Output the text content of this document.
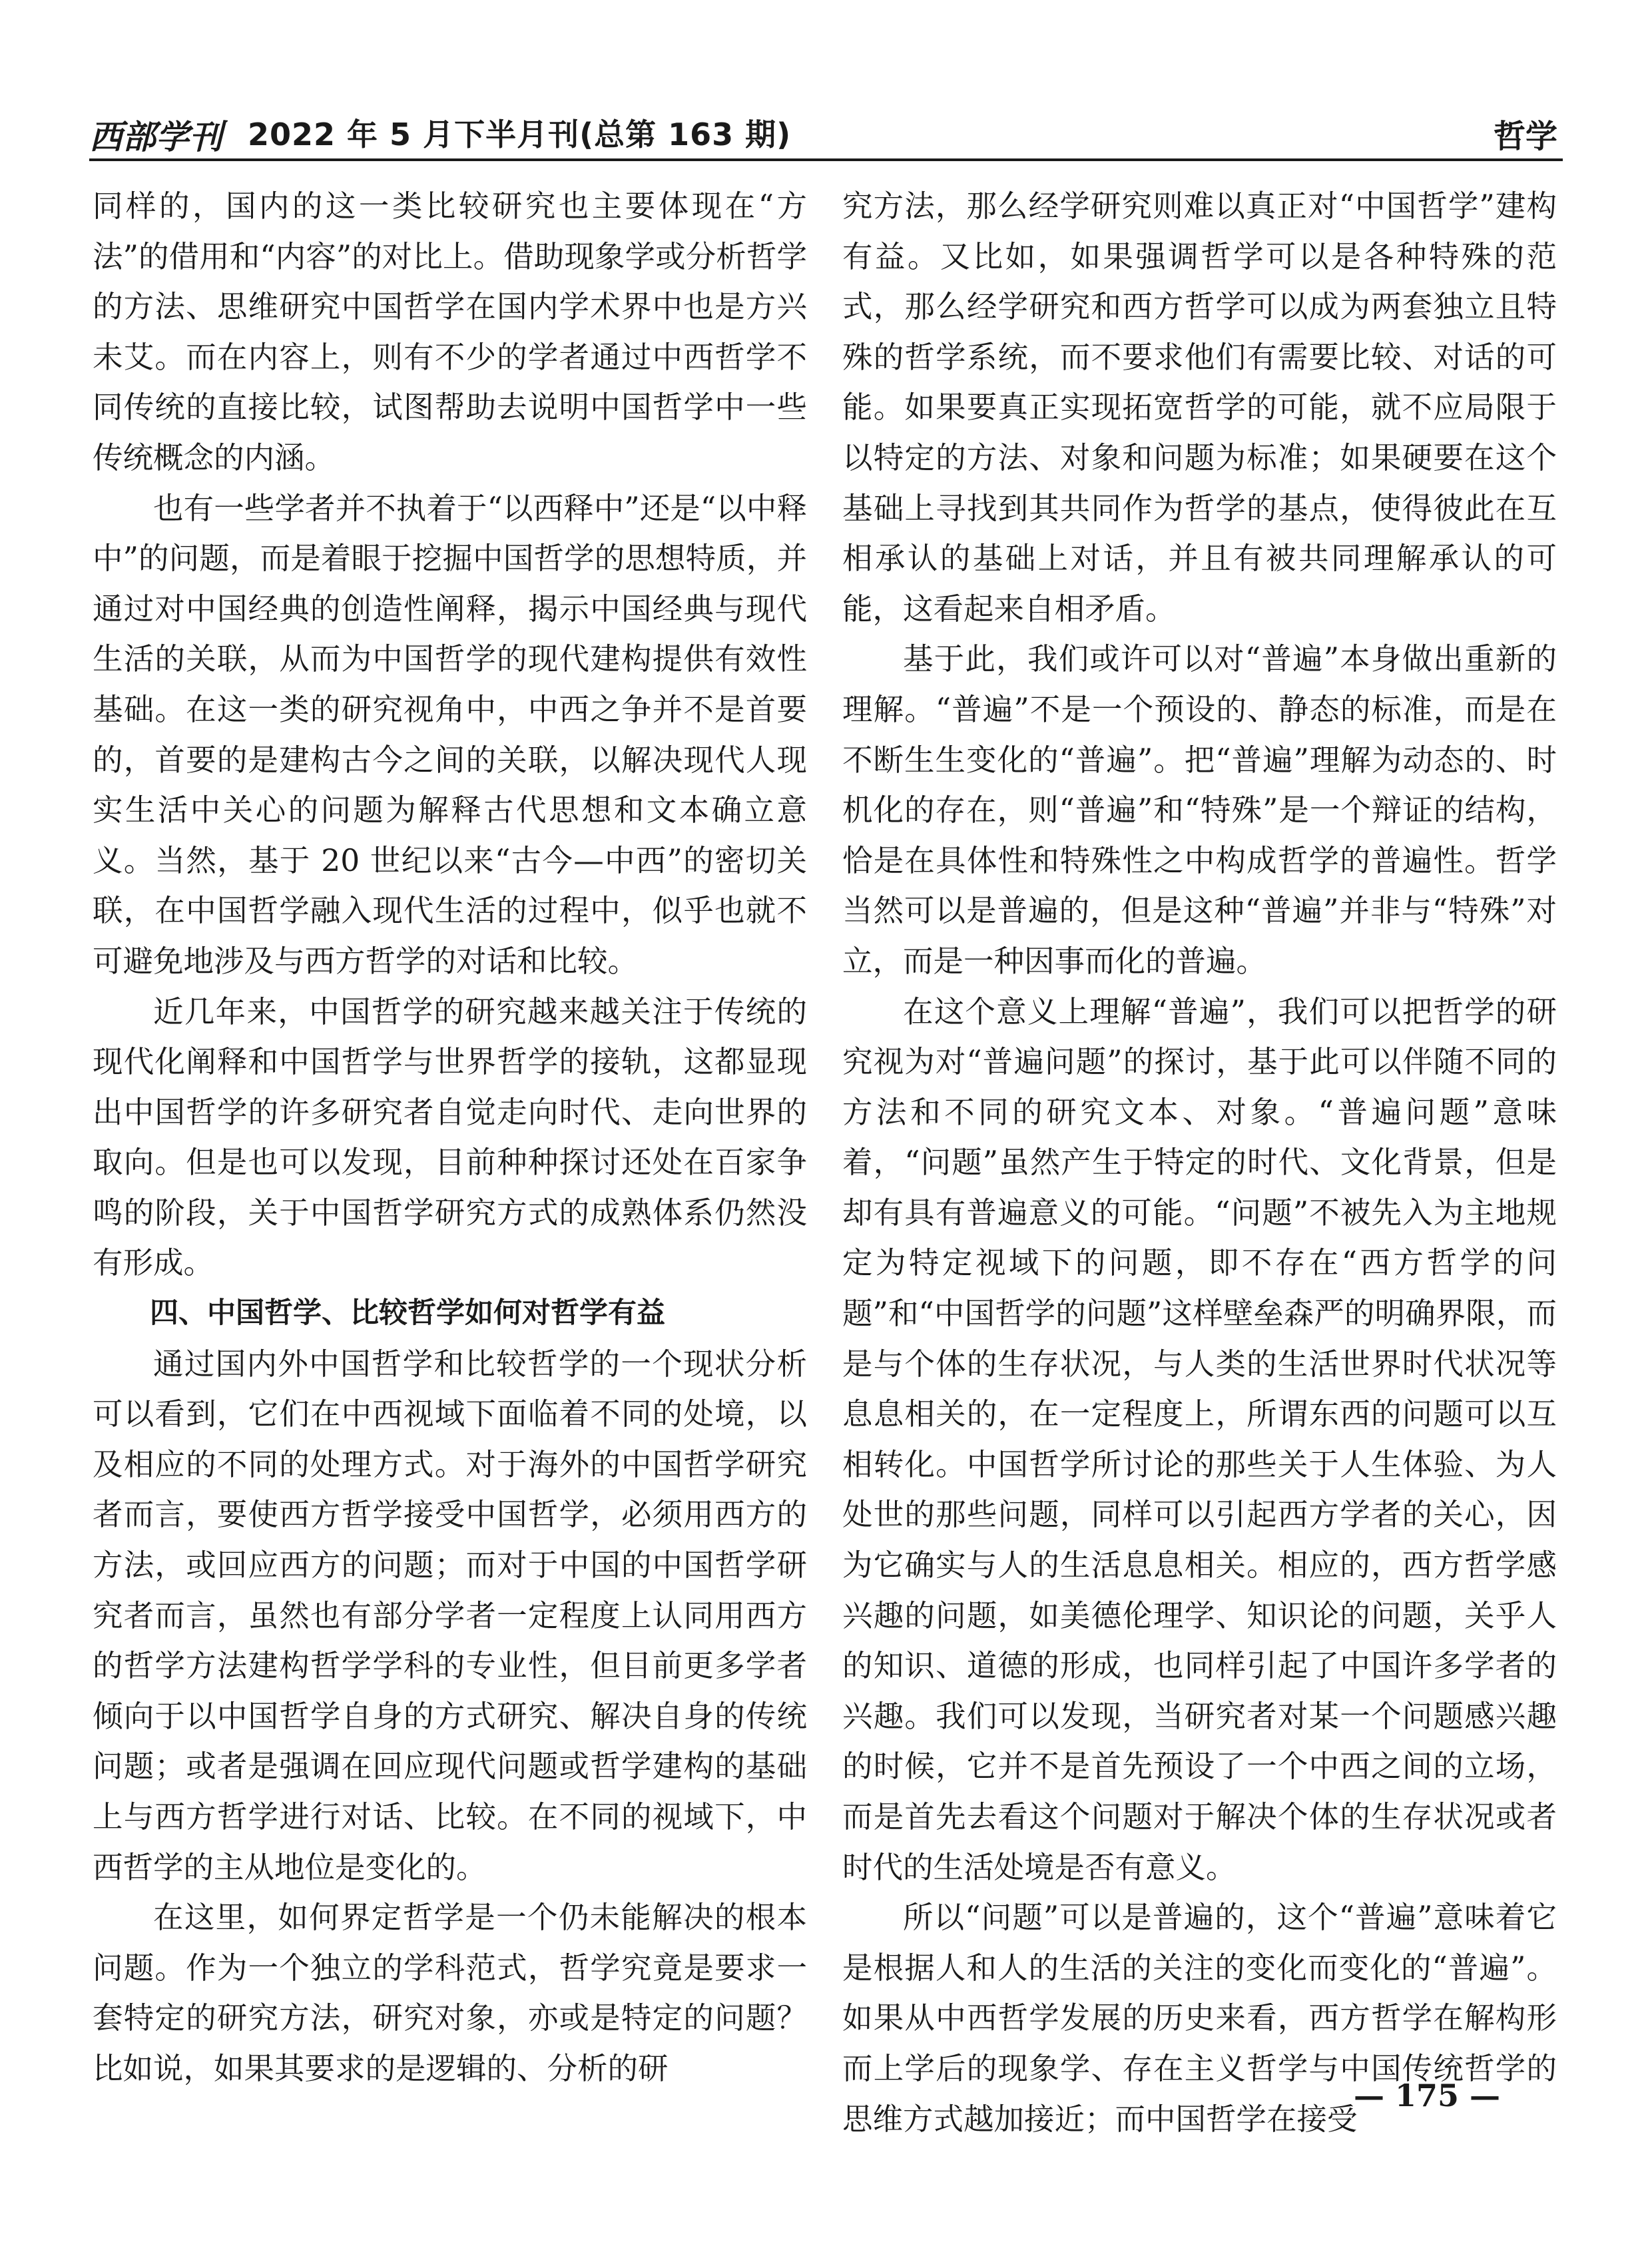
西部学刊 2022 年 5 月下半月刊(总第 163 期)	哲学

同样的，国内的这一类比较研究也主要体现在“方法”的借用和“内容”的对比上。借助现象学或分析哲学的方法、思维研究中国哲学在国内学术界中也是方兴未艾。而在内容上，则有不少的学者通过中西哲学不同传统的直接比较，试图帮助去说明中国哲学中一些传统概念的内涵。

也有一些学者并不执着于“以西释中”还是“以中释中”的问题，而是着眼于挖掘中国哲学的思想特质，并通过对中国经典的创造性阐释，揭示中国经典与现代生活的关联，从而为中国哲学的现代建构提供有效性基础。在这一类的研究视角中，中西之争并不是首要的，首要的是建构古今之间的关联，以解决现代人现实生活中关心的问题为解释古代思想和文本确立意义。当然，基于 20 世纪以来“古今—中西”的密切关联，在中国哲学融入现代生活的过程中，似乎也就不可避免地涉及与西方哲学的对话和比较。

近几年来，中国哲学的研究越来越关注于传统的现代化阐释和中国哲学与世界哲学的接轨，这都显现出中国哲学的许多研究者自觉走向时代、走向世界的取向。但是也可以发现，目前种种探讨还处在百家争鸣的阶段，关于中国哲学研究方式的成熟体系仍然没有形成。

四、中国哲学、比较哲学如何对哲学有益

通过国内外中国哲学和比较哲学的一个现状分析可以看到，它们在中西视域下面临着不同的处境，以及相应的不同的处理方式。对于海外的中国哲学研究者而言，要使西方哲学接受中国哲学，必须用西方的方法，或回应西方的问题；而对于中国的中国哲学研究者而言，虽然也有部分学者一定程度上认同用西方的哲学方法建构哲学学科的专业性，但目前更多学者倾向于以中国哲学自身的方式研究、解决自身的传统问题；或者是强调在回应现代问题或哲学建构的基础上与西方哲学进行对话、比较。在不同的视域下，中西哲学的主从地位是变化的。

在这里，如何界定哲学是一个仍未能解决的根本问题。作为一个独立的学科范式，哲学究竟是要求一套特定的研究方法，研究对象，亦或是特定的问题？比如说，如果其要求的是逻辑的、分析的研

究方法，那么经学研究则难以真正对“中国哲学”建构有益。又比如，如果强调哲学可以是各种特殊的范式，那么经学研究和西方哲学可以成为两套独立且特殊的哲学系统，而不要求他们有需要比较、对话的可能。如果要真正实现拓宽哲学的可能，就不应局限于以特定的方法、对象和问题为标准；如果硬要在这个基础上寻找到其共同作为哲学的基点，使得彼此在互相承认的基础上对话，并且有被共同理解承认的可能，这看起来自相矛盾。

基于此，我们或许可以对“普遍”本身做出重新的理解。“普遍”不是一个预设的、静态的标准，而是在不断生生变化的“普遍”。把“普遍”理解为动态的、时机化的存在，则“普遍”和“特殊”是一个辩证的结构，恰是在具体性和特殊性之中构成哲学的普遍性。哲学当然可以是普遍的，但是这种“普遍”并非与“特殊”对立，而是一种因事而化的普遍。

在这个意义上理解“普遍”，我们可以把哲学的研究视为对“普遍问题”的探讨，基于此可以伴随不同的方法和不同的研究文本、对象。“普遍问题”意味着，“问题”虽然产生于特定的时代、文化背景，但是却有具有普遍意义的可能。“问题”不被先入为主地规定为特定视域下的问题，即不存在“西方哲学的问题”和“中国哲学的问题”这样壁垒森严的明确界限，而是与个体的生存状况，与人类的生活世界时代状况等息息相关的，在一定程度上，所谓东西的问题可以互相转化。中国哲学所讨论的那些关于人生体验、为人处世的那些问题，同样可以引起西方学者的关心，因为它确实与人的生活息息相关。相应的，西方哲学感兴趣的问题，如美德伦理学、知识论的问题，关乎人的知识、道德的形成，也同样引起了中国许多学者的兴趣。我们可以发现，当研究者对某一个问题感兴趣的时候，它并不是首先预设了一个中西之间的立场，而是首先去看这个问题对于解决个体的生存状况或者时代的生活处境是否有意义。

所以“问题”可以是普遍的，这个“普遍”意味着它是根据人和人的生活的关注的变化而变化的“普遍”。如果从中西哲学发展的历史来看，西方哲学在解构形而上学后的现象学、存在主义哲学与中国传统哲学的思维方式越加接近；而中国哲学在接受

— 175 —
